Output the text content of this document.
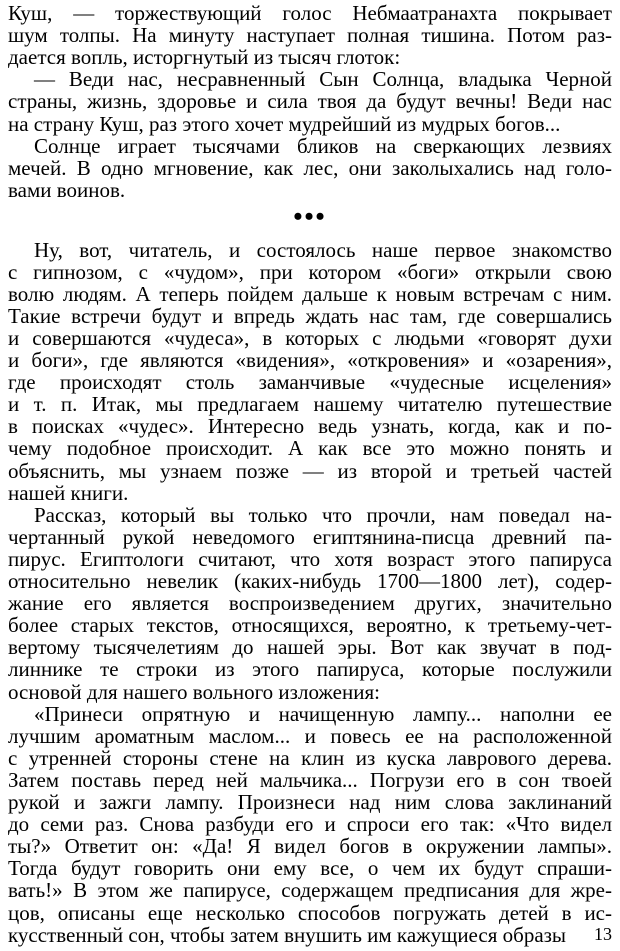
Куш, — торжествующий голос Небмаатранахта покрывает
шум толпы. На минуту наступает полная тишина. Потом раз-
дается вопль, исторгнутый из тысяч глоток:
— Веди нас, несравненный Сын Солнца, владыка Черной
страны, жизнь, здоровье и сила твоя да будут вечны! Веди нас
на страну Куш, раз этого хочет мудрейший из мудрых богов...
Солнце играет тысячами бликов на сверкающих лезвиях
мечей. В одно мгновение, как лес, они заколыхались над голо-
вами воинов.
•••
Ну, вот, читатель, и состоялось наше первое знакомство
с гипнозом, с «чудом», при котором «боги» открыли свою
волю людям. А теперь пойдем дальше к новым встречам с ним.
Такие встречи будут и впредь ждать нас там, где совершались
и совершаются «чудеса», в которых с людьми «говорят духи
и боги», где являются «видения», «откровения» и «озарения»,
где происходят столь заманчивые «чудесные исцеления»
и т. п. Итак, мы предлагаем нашему читателю путешествие
в поисках «чудес». Интересно ведь узнать, когда, как и по-
чему подобное происходит. А как все это можно понять и
объяснить, мы узнаем позже — из второй и третьей частей
нашей книги.
Рассказ, который вы только что прочли, нам поведал на-
чертанный рукой неведомого египтянина-писца древний па-
пирус. Египтологи считают, что хотя возраст этого папируса
относительно невелик (каких-нибудь 1700—1800 лет), содер-
жание его является воспроизведением других, значительно
более старых текстов, относящихся, вероятно, к третьему-чет-
вертому тысячелетиям до нашей эры. Вот как звучат в под-
линнике те строки из этого папируса, которые послужили
основой для нашего вольного изложения:
«Принеси опрятную и начищенную лампу... наполни ее
лучшим ароматным маслом... и повесь ее на расположенной
с утренней стороны стене на клин из куска лаврового дерева.
Затем поставь перед ней мальчика... Погрузи его в сон твоей
рукой и зажги лампу. Произнеси над ним слова заклинаний
до семи раз. Снова разбуди его и спроси его так: «Что видел
ты?» Ответит он: «Да! Я видел богов в окружении лампы».
Тогда будут говорить они ему все, о чем их будут спраши-
вать!» В этом же папирусе, содержащем предписания для жре-
цов, описаны еще несколько способов погружать детей в ис-
кусственный сон, чтобы затем внушить им кажущиеся образы	13
